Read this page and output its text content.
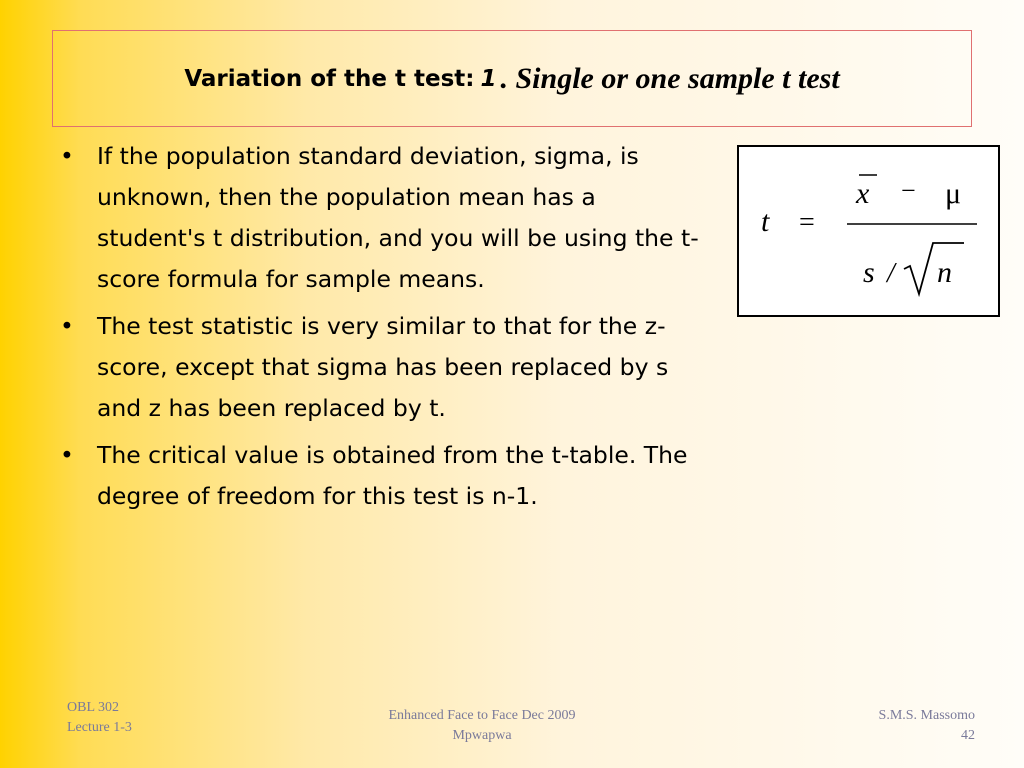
Variation of the t test: 1 . Single or one sample t test
• If the population standard deviation, sigma, is unknown, then the population mean has a student's t distribution, and you will be using the t-score formula for sample means.
• The test statistic is very similar to that for the z-score, except that sigma has been replaced by s and z has been replaced by t.
• The critical value is obtained from the t-table. The degree of freedom for this test is n-1.
t =
x − μ
s / n
OBL 302
Lecture 1-3
Enhanced Face to Face Dec 2009
Mpwapwa
S.M.S. Massomo
42
